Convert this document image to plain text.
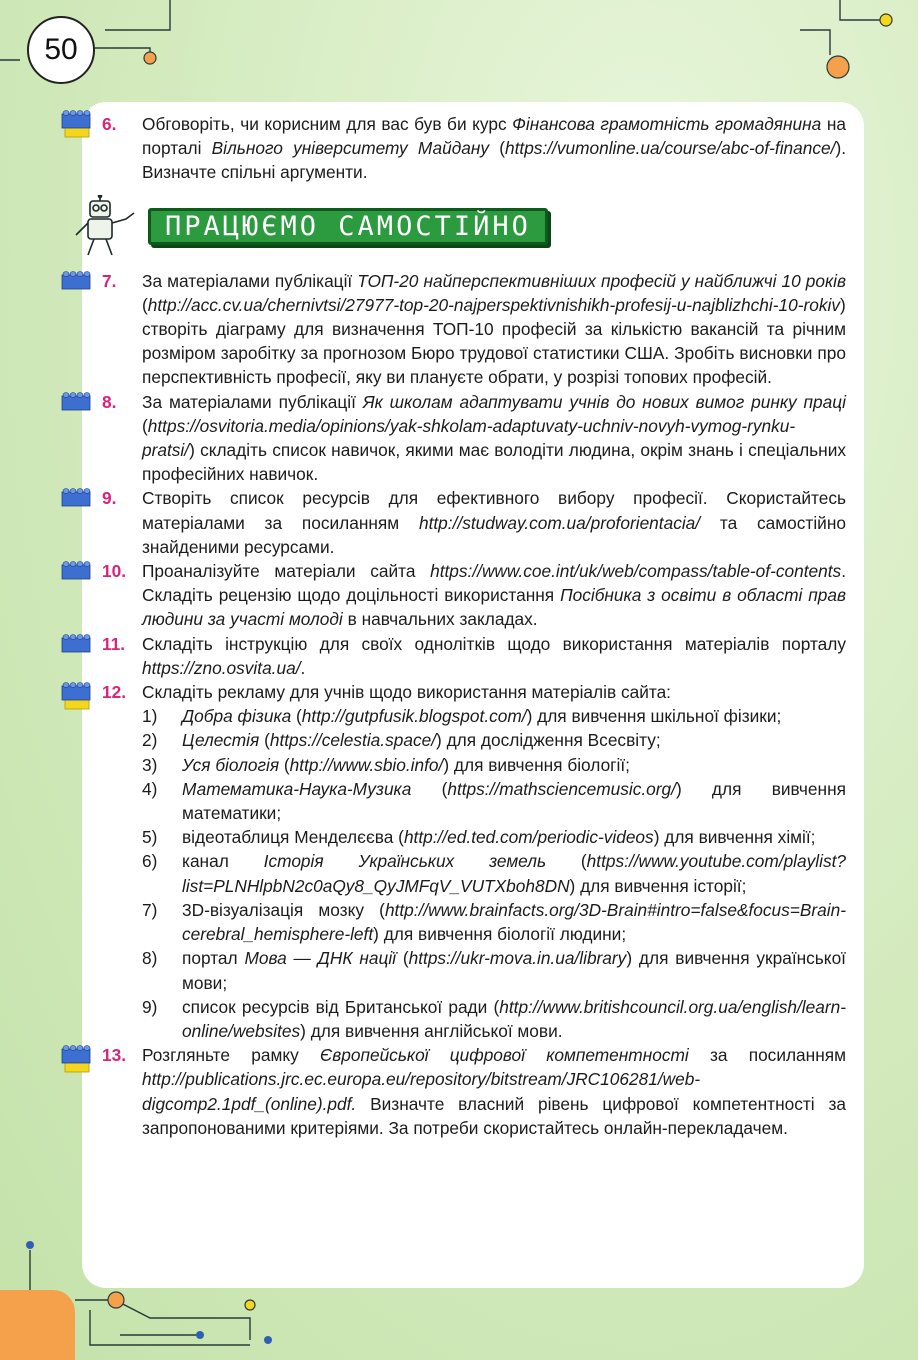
50
6.	Обговоріть, чи корисним для вас був би курс Фінансова грамотність громадянина на порталі Вільного університету Майдану (https://vumonline.ua/course/abc-of-finance/). Визначте спільні аргументи.
ПРАЦЮЄМО САМОСТІЙНО
7.	За матеріалами публікації ТОП-20 найперспективніших професій у найближчі 10 років (http://acc.cv.ua/chernivtsi/27977-top-20-najperspektivnishikh-profesij-u-najblizhchi-10-rokiv) створіть діаграму для визначення ТОП-10 професій за кількістю вакансій та річним розміром заробітку за прогнозом Бюро трудової статистики США. Зробіть висновки про перспективність професії, яку ви плануєте обрати, у розрізі топових професій.
8.	За матеріалами публікації Як школам адаптувати учнів до нових вимог ринку праці (https://osvitoria.media/opinions/yak-shkolam-adaptuvaty-uchniv-novyh-vymog-rynku-pratsi/) складіть список навичок, якими має володіти людина, окрім знань і спеціальних професійних навичок.
9.	Створіть список ресурсів для ефективного вибору професії. Скористайтесь матеріалами за посиланням http://studway.com.ua/proforientacia/ та самостійно знайденими ресурсами.
10. Проаналізуйте матеріали сайта https://www.coe.int/uk/web/compass/table-of-contents. Складіть рецензію щодо доцільності використання Посібника з освіти в області прав людини за участі молоді в навчальних закладах.
11. Складіть інструкцію для своїх однолітків щодо використання матеріалів порталу https://zno.osvita.ua/.
12. Складіть рекламу для учнів щодо використання матеріалів сайта:
1)	Добра фізика (http://gutpfusik.blogspot.com/) для вивчення шкільної фізики;
2)	Целестія (https://celestia.space/) для дослідження Всесвіту;
3)	Уся біологія (http://www.sbio.info/) для вивчення біології;
4)	Математика-Наука-Музика (https://mathsciencemusic.org/) для вивчення математики;
5)	відеотаблиця Менделєєва (http://ed.ted.com/periodic-videos) для вивчення хімії;
6)	канал Історія Українських земель (https://www.youtube.com/playlist?list=PLNHlpbN2c0aQy8_QyJMFqV_VUTXboh8DN) для вивчення історії;
7)	3D-візуалізація мозку (http://www.brainfacts.org/3D-Brain#intro=false&focus=Brain-cerebral_hemisphere-left) для вивчення біології людини;
8)	портал Мова — ДНК нації (https://ukr-mova.in.ua/library) для вивчення української мови;
9)	список ресурсів від Британської ради (http://www.britishcouncil.org.ua/english/learn-online/websites) для вивчення англійської мови.
13. Розгляньте рамку Європейської цифрової компетентності за посиланням http://publications.jrc.ec.europa.eu/repository/bitstream/JRC106281/web-digcomp2.1pdf_(online).pdf. Визначте власний рівень цифрової компетентності за запропонованими критеріями. За потреби скористайтесь онлайн-перекладачем.
